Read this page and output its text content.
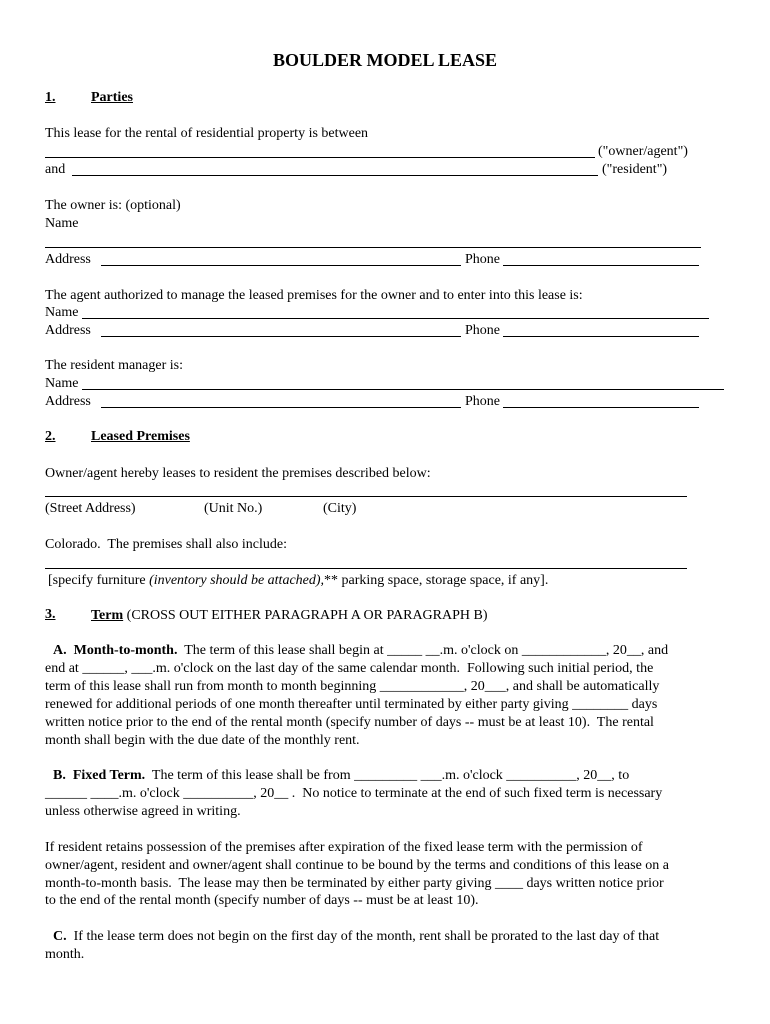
BOULDER MODEL LEASE
1.	Parties
This lease for the rental of residential property is between
("owner/agent")
and	("resident")
The owner is: (optional)
Name
Address	Phone
The agent authorized to manage the leased premises for the owner and to enter into this lease is:
Name
Address	Phone
The resident manager is:
Name
Address	Phone
2.	Leased Premises
Owner/agent hereby leases to resident the premises described below:
(Street Address)	(Unit No.)	(City)
Colorado.  The premises shall also include:
[specify furniture (inventory should be attached),** parking space, storage space, if any].
3.	Term (CROSS OUT EITHER PARAGRAPH A OR PARAGRAPH B)
A.  Month-to-month.  The term of this lease shall begin at _____ __.m. o'clock on ____________, 20__, and
end at ______, ___.m. o'clock on the last day of the same calendar month.  Following such initial period, the
term of this lease shall run from month to month beginning ____________, 20___, and shall be automatically
renewed for additional periods of one month thereafter until terminated by either party giving ________ days
written notice prior to the end of the rental month (specify number of days -- must be at least 10).  The rental
month shall begin with the due date of the monthly rent.
B.  Fixed Term.  The term of this lease shall be from _________ ___.m. o'clock __________, 20__, to
______ ____.m. o'clock __________, 20__ .  No notice to terminate at the end of such fixed term is necessary
unless otherwise agreed in writing.
If resident retains possession of the premises after expiration of the fixed lease term with the permission of
owner/agent, resident and owner/agent shall continue to be bound by the terms and conditions of this lease on a
month-to-month basis.  The lease may then be terminated by either party giving ____ days written notice prior
to the end of the rental month (specify number of days -- must be at least 10).
C.  If the lease term does not begin on the first day of the month, rent shall be prorated to the last day of that
month.
